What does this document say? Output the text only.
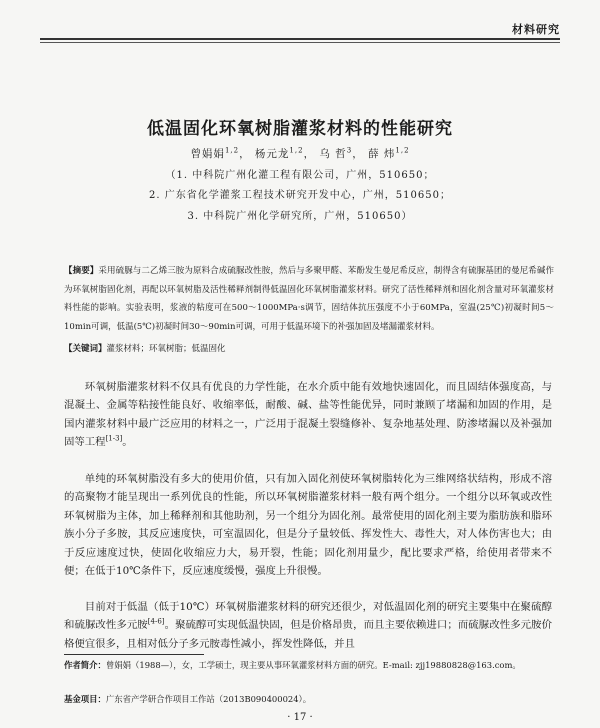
材料研究
低温固化环氧树脂灌浆材料的性能研究
曾娟娟$^{1,2}$， 杨元龙$^{1,2}$， 乌 哲$^3$， 薛 炜$^{1,2}$
（1. 中科院广州化灌工程有限公司，广州，510650；
2. 广东省化学灌浆工程技术研究开发中心，广州，510650；
3. 中科院广州化学研究所，广州，510650）
【摘要】采用硫脲与二乙烯三胺为原料合成硫脲改性胺，然后与多聚甲醛、苯酚发生曼尼希反应，制得含有硫脲基团的曼尼希碱作为环氧树脂固化剂，再配以环氧树脂及活性稀释剂制得低温固化环氧树脂灌浆材料。研究了活性稀释剂和固化剂含量对环氧灌浆材料性能的影响。实验表明，浆液的粘度可在500～1000MPa·s调节，固结体抗压强度不小于60MPa，室温(25℃)初凝时间5～10min可调，低温(5℃)初凝时间30～90min可调，可用于低温环境下的补强加固及堵漏灌浆材料。
【关键词】灌浆材料；环氧树脂；低温固化
环氧树脂灌浆材料不仅具有优良的力学性能，在水介质中能有效地快速固化，而且固结体强度高，与混凝土、金属等粘接性能良好、收缩率低，耐酸、碱、盐等性能优异，同时兼顾了堵漏和加固的作用，是国内灌浆材料中最广泛应用的材料之一，广泛用于混凝土裂缝修补、复杂地基处理、防渗堵漏以及补强加固等工程[1-3]。
单纯的环氧树脂没有多大的使用价值，只有加入固化剂使环氧树脂转化为三维网络状结构，形成不溶的高聚物才能呈现出一系列优良的性能，所以环氧树脂灌浆材料一般有两个组分。一个组分以环氧或改性环氧树脂为主体，加上稀释剂和其他助剂，另一个组分为固化剂。最常使用的固化剂主要为脂肪族和脂环族小分子多胺，其反应速度快，可室温固化，但是分子量较低、挥发性大、毒性大，对人体伤害也大；由于反应速度过快，使固化收缩应力大，易开裂，性能；固化剂用量少，配比要求严格，给使用者带来不便；在低于10℃条件下，反应速度缓慢，强度上升很慢。
目前对于低温（低于10℃）环氧树脂灌浆材料的研究还很少，对低温固化剂的研究主要集中在聚硫醇和硫脲改性多元胺[4-6]。聚硫醇可实现低温快固，但是价格昂贵，而且主要依赖进口；而硫脲改性多元胺价格便宜很多，且相对低分子多元胺毒性减小，挥发性降低，并且
作者简介：曾娟娟（1988—），女，工学硕士，现主要从事环氧灌浆材料方面的研究。E-mail: zjj19880828@163.com。
基金项目：广东省产学研合作项目工作站（2013B090400024）。
· 17 ·
